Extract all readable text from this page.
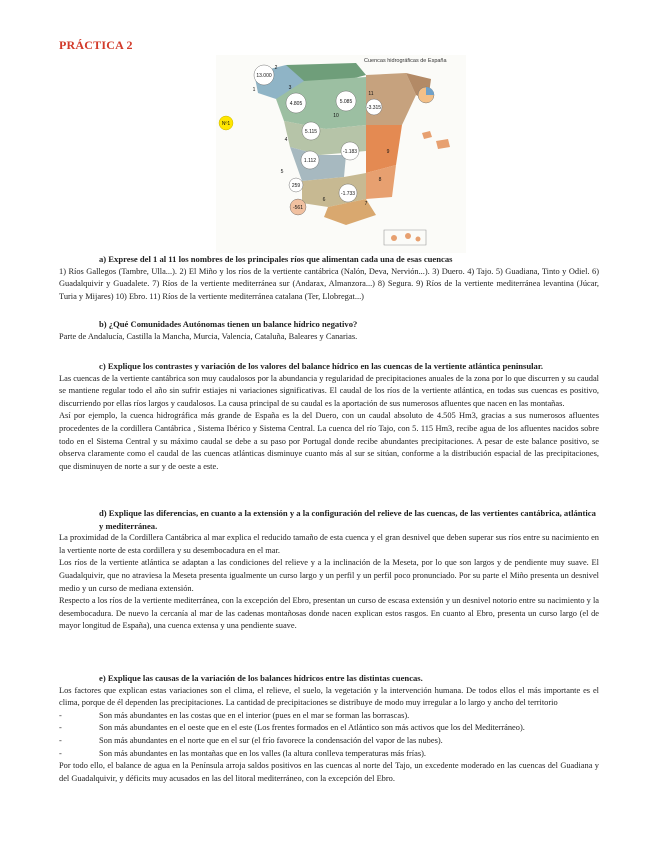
PRÁCTICA 2
Cuencas hidrográficas de España
13.000
4.805	5.085
5.115
1.112
259
-561
-1.183
-1.733
-3.315
11
10
1	3
4
5
6
7
8
9
2
Nº1

a) Exprese del 1 al 11 los nombres de los principales ríos que alimentan cada una de esas cuencas

1) Ríos Gallegos (Tambre, Ulla...). 2) El Miño y los ríos de la vertiente cantábrica (Nalón, Deva, Nervión...). 3) Duero. 4) Tajo. 5) Guadiana, Tinto y Odiel. 6) Guadalquivir y Guadalete. 7) Ríos de la vertiente mediterránea sur (Andarax, Almanzora...) 8) Segura. 9) Ríos de la vertiente mediterránea levantina (Júcar, Turia y Mijares) 10) Ebro. 11) Ríos de la vertiente mediterránea catalana (Ter, Llobregat...)

b) ¿Qué Comunidades Autónomas tienen un balance hídrico negativo?

Parte de Andalucía, Castilla la Mancha, Murcia, Valencia, Cataluña, Baleares y Canarias.

c) Explique los contrastes y variación de los valores del balance hídrico en las cuencas de la vertiente atlántica peninsular.

Las cuencas de la vertiente cantábrica son muy caudalosos por la abundancia y regularidad de precipitaciones anuales de la zona por lo que discurren y su caudal se mantiene regular todo el año sin sufrir estiajes ni variaciones significativas. El caudal de los ríos de la vertiente atlántica, en todas sus cuencas es positivo, discurriendo por ellas ríos largos y caudalosos. La causa principal de su caudal es la aportación de sus numerosos afluentes que nacen en las montañas.

Así por ejemplo, la cuenca hidrográfica más grande de España es la del Duero, con un caudal absoluto de 4.505 Hm3, gracias a sus numerosos afluentes procedentes de la cordillera Cantábrica , Sistema Ibérico y Sistema Central. La cuenca del río Tajo, con 5. 115 Hm3, recibe agua de los afluentes nacidos sobre todo en el Sistema Central y su máximo caudal se debe a su paso por Portugal donde recibe abundantes precipitaciones. A pesar de este balance positivo, se observa claramente como el caudal de las cuencas atlánticas disminuye cuanto más al sur se sitúan, conforme a la distribución espacial de las precipitaciones, que disminuyen de norte a sur y de oeste a este.

d) Explique las diferencias, en cuanto a la extensión y a la configuración del relieve de las cuencas, de las vertientes cantábrica, atlántica y mediterránea.

La proximidad de la Cordillera Cantábrica al mar explica el reducido tamaño de esta cuenca y el gran desnivel que deben superar sus ríos entre su nacimiento en la vertiente norte de esta cordillera y su desembocadura en el mar.

Los ríos de la vertiente atlántica se adaptan a las condiciones del relieve y a la inclinación de la Meseta, por lo que son largos y de pendiente muy suave. El Guadalquivir, que no atraviesa la Meseta presenta igualmente un curso largo y un perfil y un perfil poco pronunciado. Por su parte el Miño presenta un desnivel medio y un curso de mediana extensión.

Respecto a los ríos de la vertiente mediterránea, con la excepción del Ebro, presentan un curso de escasa extensión y un desnivel notorio entre su nacimiento y la desembocadura. De nuevo la cercanía al mar de las cadenas montañosas donde nacen explican estos rasgos. En cuanto al Ebro, presenta un curso largo (el de mayor longitud de España), una cuenca extensa y una pendiente suave.

e) Explique las causas de la variación de los balances hídricos entre las distintas cuencas.

Los factores que explican estas variaciones son el clima, el relieve, el suelo, la vegetación y la intervención humana. De todos ellos el más importante es el clima, porque de él dependen las precipitaciones. La cantidad de precipitaciones se distribuye de modo muy irregular a lo largo y ancho del territorio

-	Son más abundantes en las costas que en el interior (pues en el mar se forman las borrascas).
-	Son más abundantes en el oeste que en el este (Los frentes formados en el Atlántico son más activos que los del Mediterráneo).
-	Son más abundantes en el norte que en el sur (el frío favorece la condensación del vapor de las nubes).
-	Son más abundantes en las montañas que en los valles (la altura conlleva temperaturas más frías).

Por todo ello, el balance de agua en la Península arroja saldos positivos en las cuencas al norte del Tajo, un excedente moderado en las cuencas del Guadiana y del Guadalquivir, y déficits muy acusados en las del litoral mediterráneo, con la excepción del Ebro.
